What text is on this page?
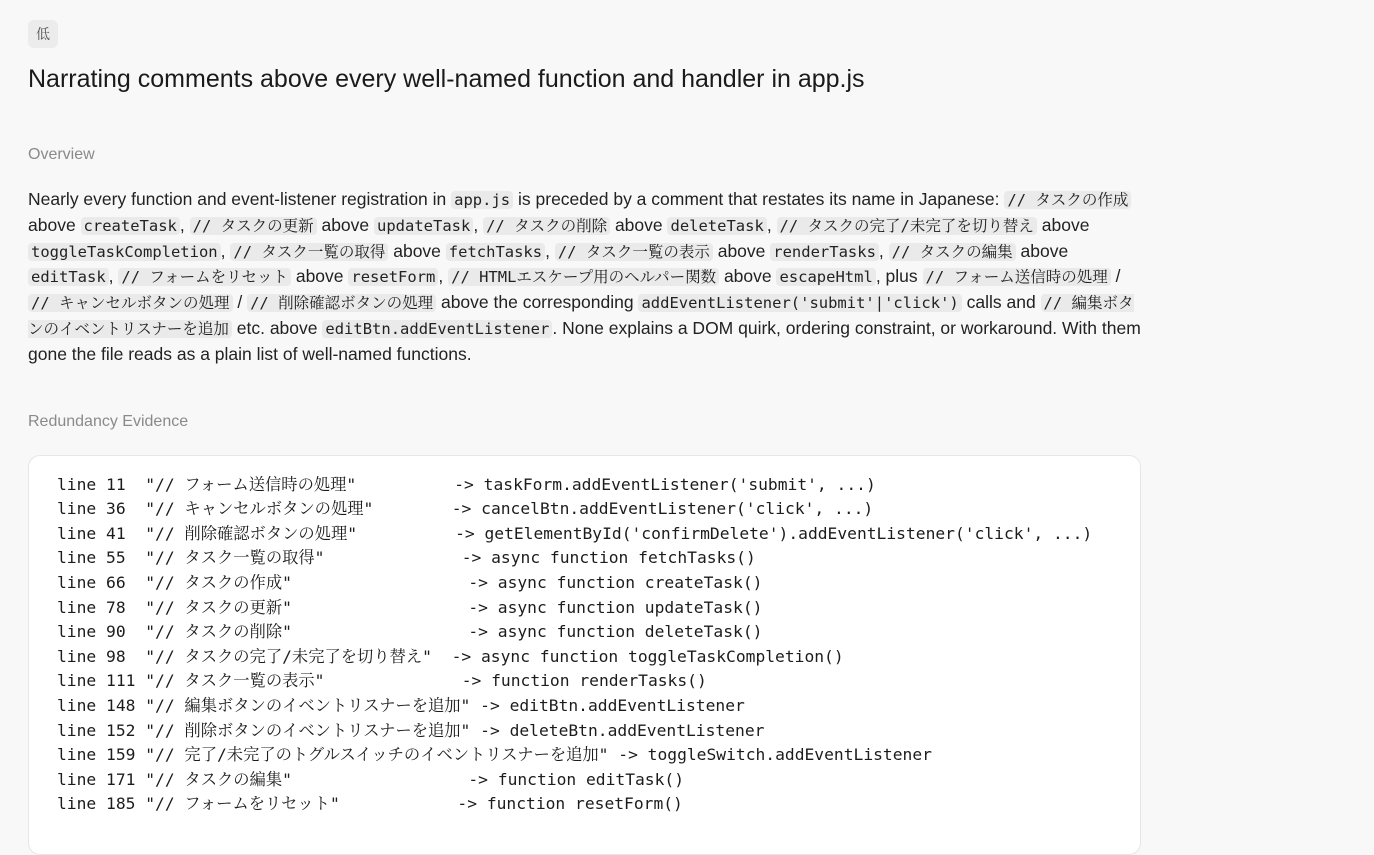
低
Narrating comments above every well-named function and handler in app.js
Overview
Nearly every function and event-listener registration in app.js is preceded by a comment that restates its name in Japanese: // タスクの作成 above createTask , // タスクの更新 above updateTask , // タスクの削除 above deleteTask , // タスクの完了/未完了を切り替え above toggleTaskCompletion , // タスク一覧の取得 above fetchTasks , // タスク一覧の表示 above renderTasks , // タスクの編集 above editTask , // フォームをリセット above resetForm , // HTMLエスケープ用のヘルパー関数 above escapeHtml , plus // フォーム送信時の処理 / // キャンセルボタンの処理 / // 削除確認ボタンの処理 above the corresponding addEventListener('submit'|'click') calls and // 編集ボタンのイベントリスナーを追加 etc. above editBtn.addEventListener . None explains a DOM quirk, ordering constraint, or workaround. With them gone the file reads as a plain list of well-named functions.
Redundancy Evidence
line 11  "// フォーム送信時の処理"          -> taskForm.addEventListener('submit', ...)
line 36  "// キャンセルボタンの処理"        -> cancelBtn.addEventListener('click', ...)
line 41  "// 削除確認ボタンの処理"          -> getElementById('confirmDelete').addEventListener('click', ...)
line 55  "// タスク一覧の取得"              -> async function fetchTasks()
line 66  "// タスクの作成"                  -> async function createTask()
line 78  "// タスクの更新"                  -> async function updateTask()
line 90  "// タスクの削除"                  -> async function deleteTask()
line 98  "// タスクの完了/未完了を切り替え"  -> async function toggleTaskCompletion()
line 111 "// タスク一覧の表示"              -> function renderTasks()
line 148 "// 編集ボタンのイベントリスナーを追加" -> editBtn.addEventListener
line 152 "// 削除ボタンのイベントリスナーを追加" -> deleteBtn.addEventListener
line 159 "// 完了/未完了のトグルスイッチのイベントリスナーを追加" -> toggleSwitch.addEventListener
line 171 "// タスクの編集"                  -> function editTask()
line 185 "// フォームをリセット"            -> function resetForm()
